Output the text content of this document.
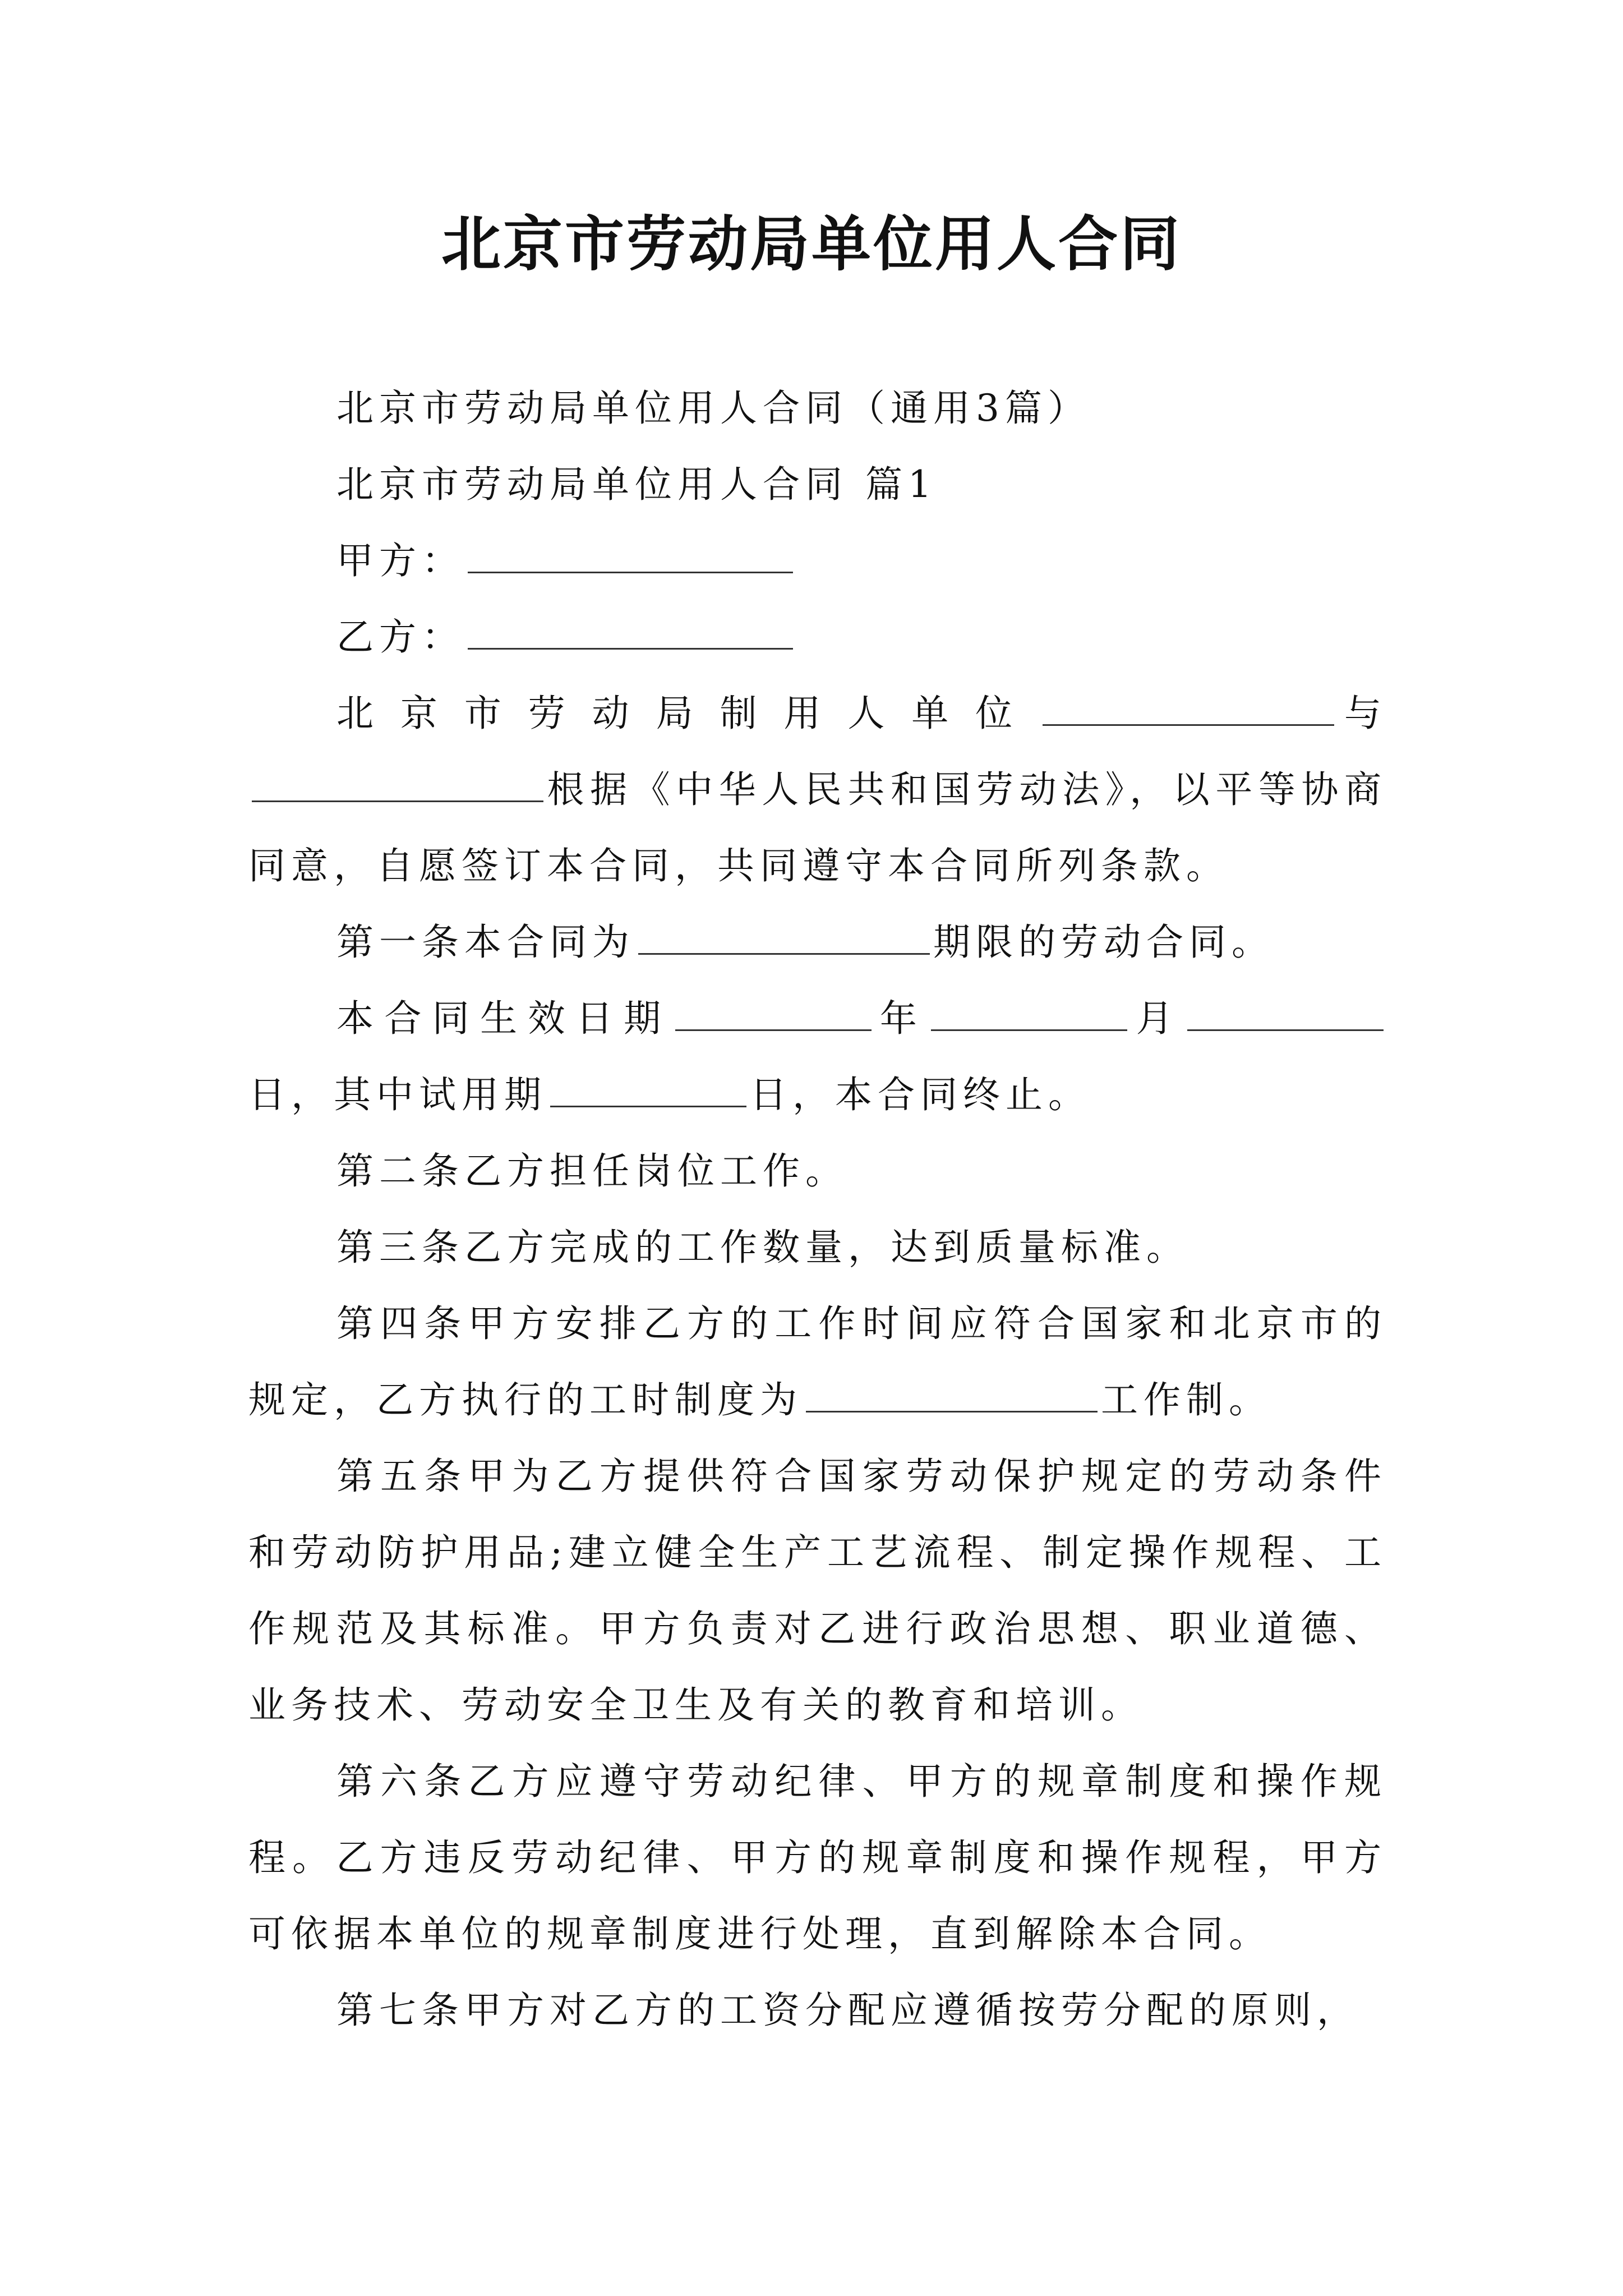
北京市劳动局单位用人合同

北京市劳动局单位用人合同（通用3篇）

北京市劳动局单位用人合同 篇1

甲方：

乙方：

北京市劳动局制用人单位	与根据《中华人民共和国劳动法》，以平等协商同意，自愿签订本合同，共同遵守本合同所列条款。

第一条本合同为	期限的劳动合同。

本合同生效日期	年	月日，其中试用期	日，本合同终止。

第二条乙方担任岗位工作。

第三条乙方完成的工作数量，达到质量标准。

第四条甲方安排乙方的工作时间应符合国家和北京市的规定，乙方执行的工时制度为	工作制。

第五条甲为乙方提供符合国家劳动保护规定的劳动条件和劳动防护用品;建立健全生产工艺流程、制定操作规程、工作规范及其标准。甲方负责对乙进行政治思想、职业道德、业务技术、劳动安全卫生及有关的教育和培训。

第六条乙方应遵守劳动纪律、甲方的规章制度和操作规程。乙方违反劳动纪律、甲方的规章制度和操作规程，甲方可依据本单位的规章制度进行处理，直到解除本合同。

第七条甲方对乙方的工资分配应遵循按劳分配的原则，
